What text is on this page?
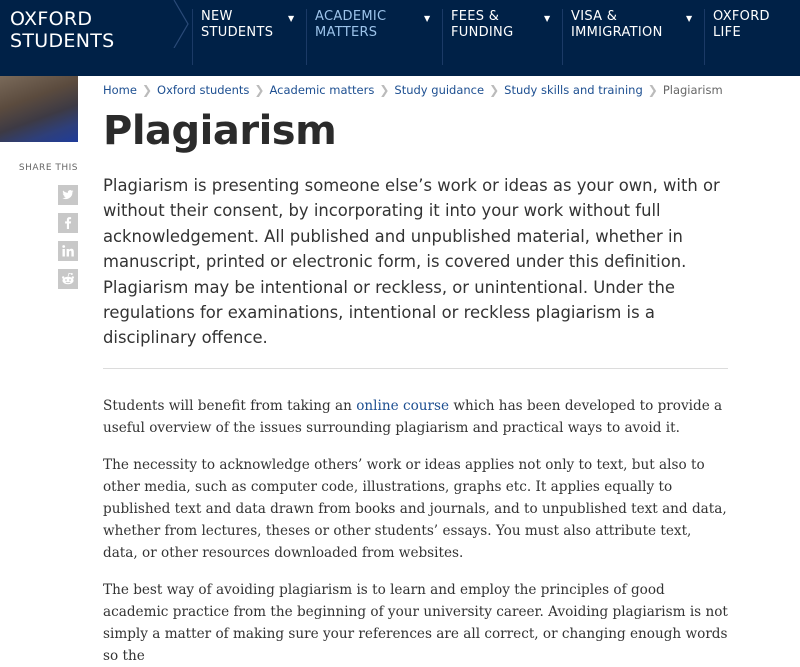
OXFORD
STUDENTS
NEW
STUDENTS
▼ ACADEMIC
MATTERS
▼ FEES &
FUNDING
▼ VISA &
IMMIGRATION
▼ OXFORD
LIFE
SHARE THIS
Home ❯ Oxford students ❯ Academic matters ❯ Study guidance ❯ Study skills and training ❯ Plagiarism
Plagiarism

Plagiarism is presenting someone else’s work or ideas as your own, with or without their consent, by incorporating it into your work without full acknowledgement. All published and unpublished material, whether in manuscript, printed or electronic form, is covered under this definition. Plagiarism may be intentional or reckless, or unintentional. Under the regulations for examinations, intentional or reckless plagiarism is a disciplinary offence.

Students will benefit from taking an online course which has been developed to provide a useful overview of the issues surrounding plagiarism and practical ways to avoid it.

The necessity to acknowledge others’ work or ideas applies not only to text, but also to other media, such as computer code, illustrations, graphs etc. It applies equally to published text and data drawn from books and journals, and to unpublished text and data, whether from lectures, theses or other students’ essays. You must also attribute text, data, or other resources downloaded from websites.

The best way of avoiding plagiarism is to learn and employ the principles of good academic practice from the beginning of your university career. Avoiding plagiarism is not simply a matter of making sure your references are all correct, or changing enough words so the
